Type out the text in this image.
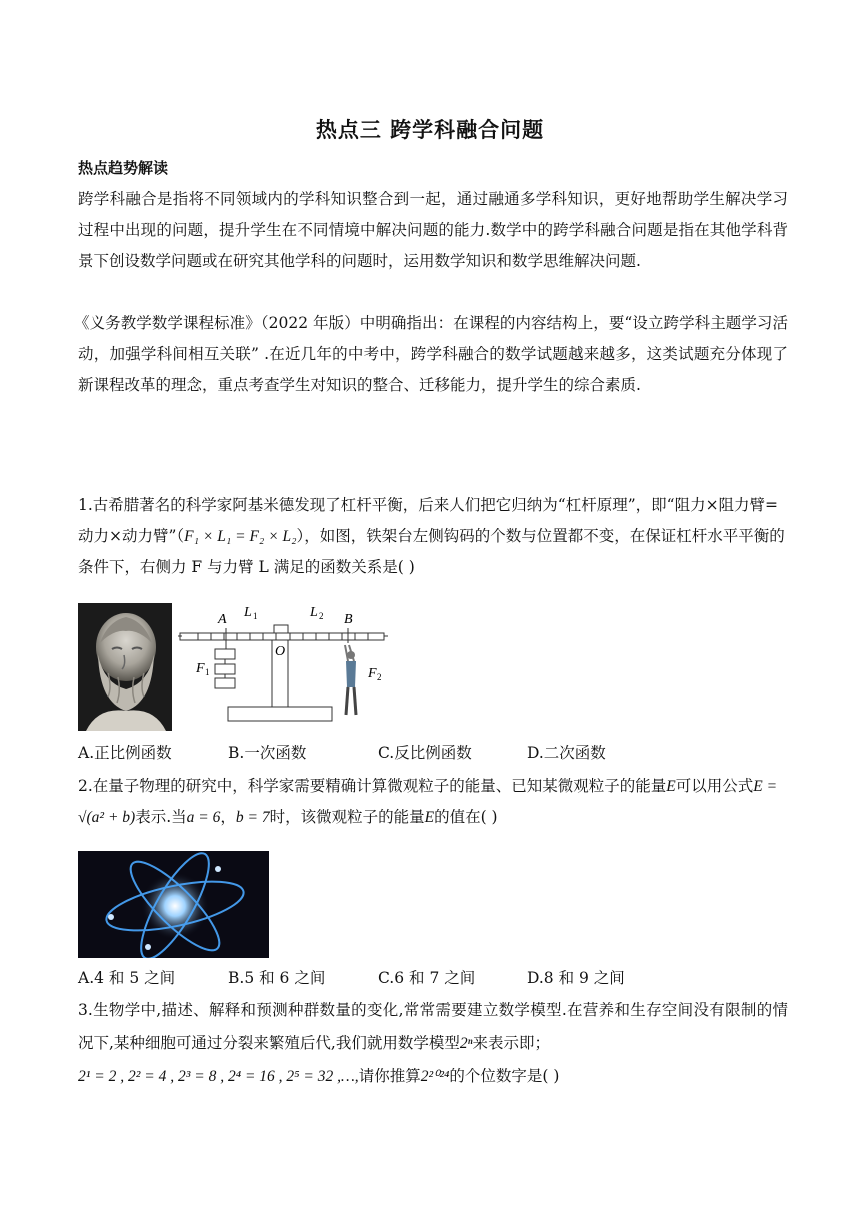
热点三 跨学科融合问题
热点趋势解读
跨学科融合是指将不同领域内的学科知识整合到一起，通过融通多学科知识，更好地帮助学生解决学习过程中出现的问题，提升学生在不同情境中解决问题的能力.数学中的跨学科融合问题是指在其他学科背景下创设数学问题或在研究其他学科的问题时，运用数学知识和数学思维解决问题.
《义务教学数学课程标准》（2022 年版）中明确指出：在课程的内容结构上，要“设立跨学科主题学习活动，加强学科间相互关联” .在近几年的中考中，跨学科融合的数学试题越来越多，这类试题充分体现了新课程改革的理念，重点考查学生对知识的整合、迁移能力，提升学生的综合素质.
1.古希腊著名的科学家阿基米德发现了杠杆平衡，后来人们把它归纳为“杠杆原理”，即“阻力×阻力臂=动力×动力臂”（F₁ × L₁ = F₂ × L₂），如图，铁架台左侧钩码的个数与位置都不变，在保证杠杆水平平衡的条件下，右侧力 F 与力臂 L 满足的函数关系是( )
A L 1	L 2 B
O
F 1	F 2
A.正比例函数	B.一次函数	C.反比例函数	D.二次函数
2.在量子物理的研究中，科学家需要精确计算微观粒子的能量、已知某微观粒子的能量E可以用公式E = √(a² + b)表示.当a = 6，b = 7时，该微观粒子的能量E的值在( )
A.4 和 5 之间	B.5 和 6 之间	C.6 和 7 之间	D.8 和 9 之间
3.生物学中,描述、解释和预测种群数量的变化,常常需要建立数学模型.在营养和生存空间没有限制的情况下,某种细胞可通过分裂来繁殖后代,我们就用数学模型2ⁿ来表示即；
2¹ = 2 , 2² = 4 , 2³ = 8 , 2⁴ = 16 , 2⁵ = 32 ,…,请你推算2²⁰²⁴的个位数字是( )
